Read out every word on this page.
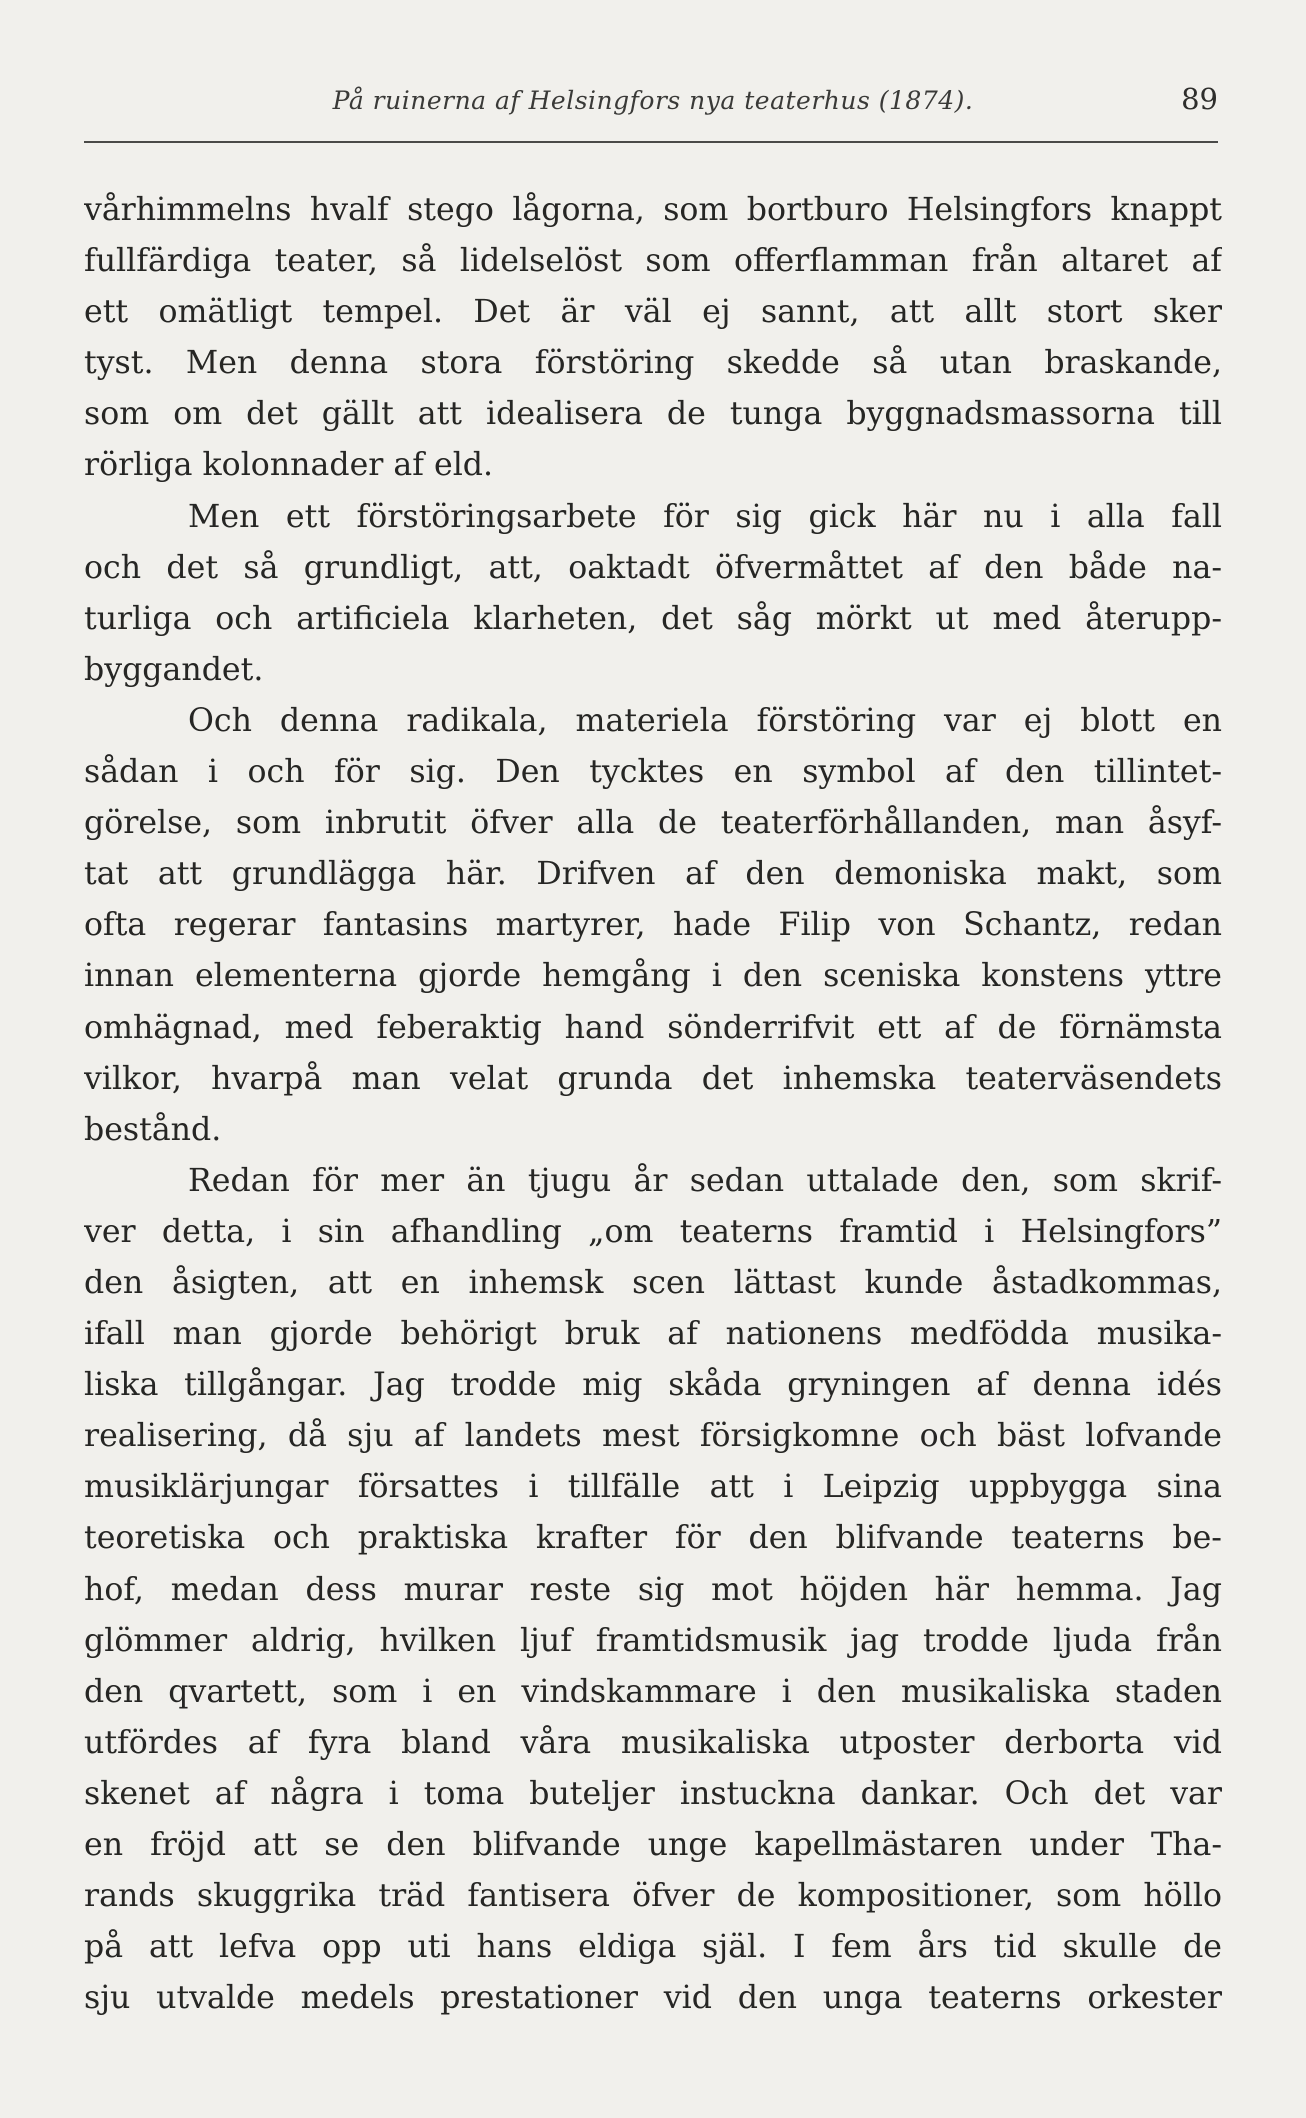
På ruinerna af Helsingfors nya teaterhus (1874).	89
vårhimmelns hvalf stego lågorna, som bortburo Helsingfors knappt
fullfärdiga teater, så lidelselöst som offerflamman från altaret af
ett omätligt tempel. Det är väl ej sannt, att allt stort sker
tyst. Men denna stora förstöring skedde så utan braskande,
som om det gällt att idealisera de tunga byggnadsmassorna till
rörliga kolonnader af eld.
Men ett förstöringsarbete för sig gick här nu i alla fall
och det så grundligt, att, oaktadt öfvermåttet af den både na-
turliga och artificiela klarheten, det såg mörkt ut med återupp-
byggandet.
Och denna radikala, materiela förstöring var ej blott en
sådan i och för sig. Den tycktes en symbol af den tillintet-
görelse, som inbrutit öfver alla de teaterförhållanden, man åsyf-
tat att grundlägga här. Drifven af den demoniska makt, som
ofta regerar fantasins martyrer, hade Filip von Schantz, redan
innan elementerna gjorde hemgång i den sceniska konstens yttre
omhägnad, med feberaktig hand sönderrifvit ett af de förnämsta
vilkor, hvarpå man velat grunda det inhemska teaterväsendets
bestånd.
Redan för mer än tjugu år sedan uttalade den, som skrif-
ver detta, i sin afhandling „om teaterns framtid i Helsingfors”
den åsigten, att en inhemsk scen lättast kunde åstadkommas,
ifall man gjorde behörigt bruk af nationens medfödda musika-
liska tillgångar. Jag trodde mig skåda gryningen af denna idés
realisering, då sju af landets mest försigkomne och bäst lofvande
musiklärjungar försattes i tillfälle att i Leipzig uppbygga sina
teoretiska och praktiska krafter för den blifvande teaterns be-
hof, medan dess murar reste sig mot höjden här hemma. Jag
glömmer aldrig, hvilken ljuf framtidsmusik jag trodde ljuda från
den qvartett, som i en vindskammare i den musikaliska staden
utfördes af fyra bland våra musikaliska utposter derborta vid
skenet af några i toma buteljer instuckna dankar. Och det var
en fröjd att se den blifvande unge kapellmästaren under Tha-
rands skuggrika träd fantisera öfver de kompositioner, som höllo
på att lefva opp uti hans eldiga själ. I fem års tid skulle de
sju utvalde medels prestationer vid den unga teaterns orkester
